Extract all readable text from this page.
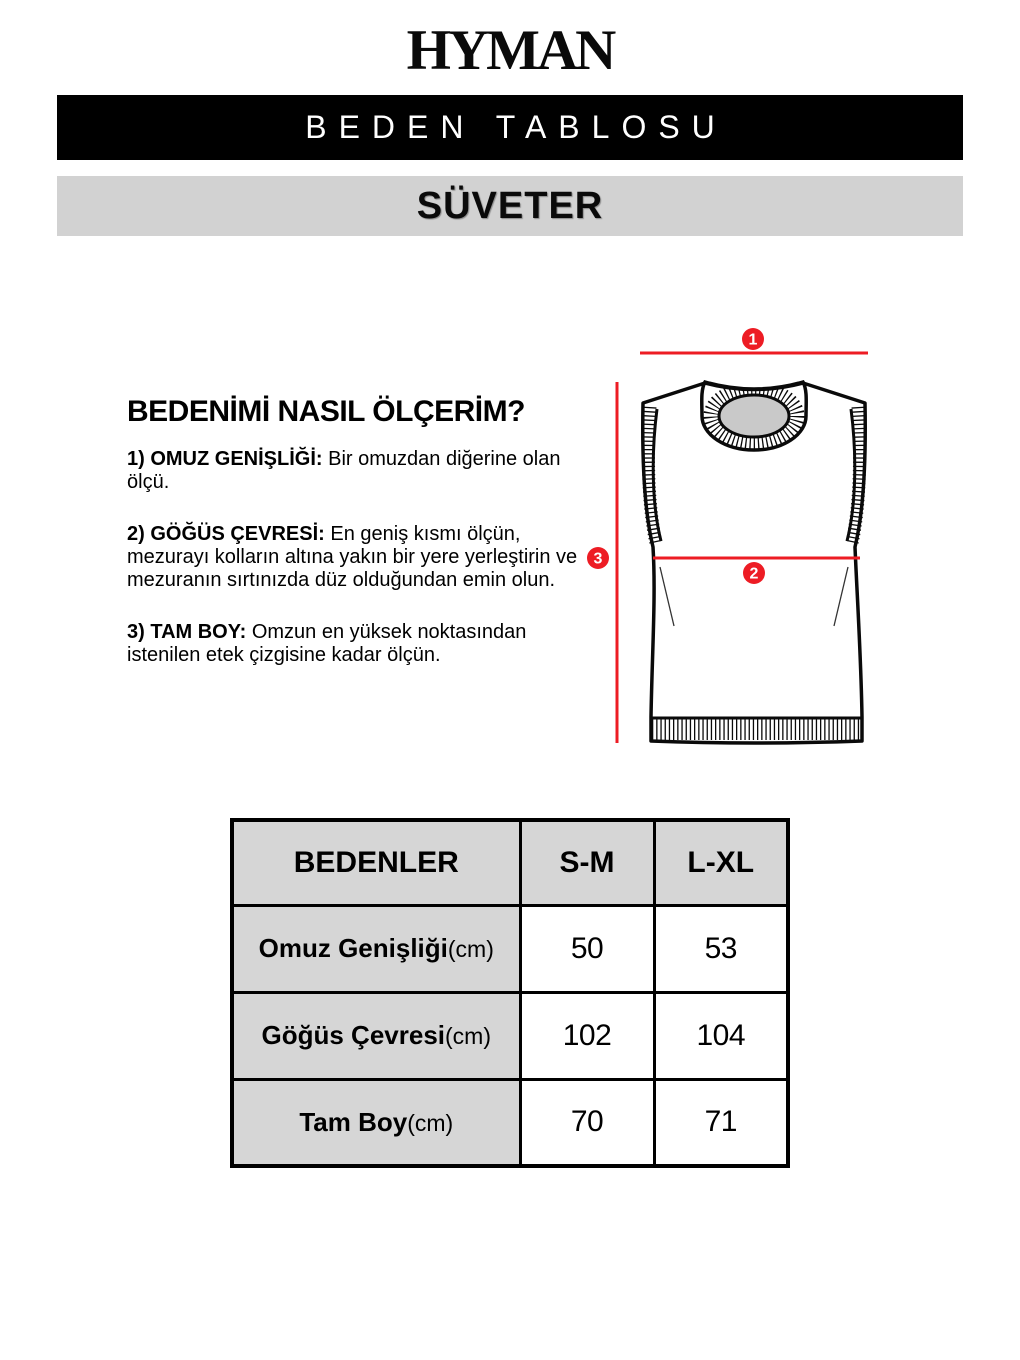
HYMAN
BEDEN TABLOSU
SÜVETER
BEDENİMİ NASIL ÖLÇERİM?

1) OMUZ GENİŞLİĞİ: Bir omuzdan diğerine olan ölçü.

2) GÖĞÜS ÇEVRESİ: En geniş kısmı ölçün, mezurayı kolların altına yakın bir yere yerleştirin ve mezuranın sırtınızda düz olduğundan emin olun.

3) TAM BOY: Omzun en yüksek noktasından istenilen etek çizgisine kadar ölçün.

1
2
3
BEDENLER	S-M	L-XL
Omuz Genişliği(cm)	50	53
Göğüs Çevresi(cm)	102	104
Tam Boy(cm)	70	71
